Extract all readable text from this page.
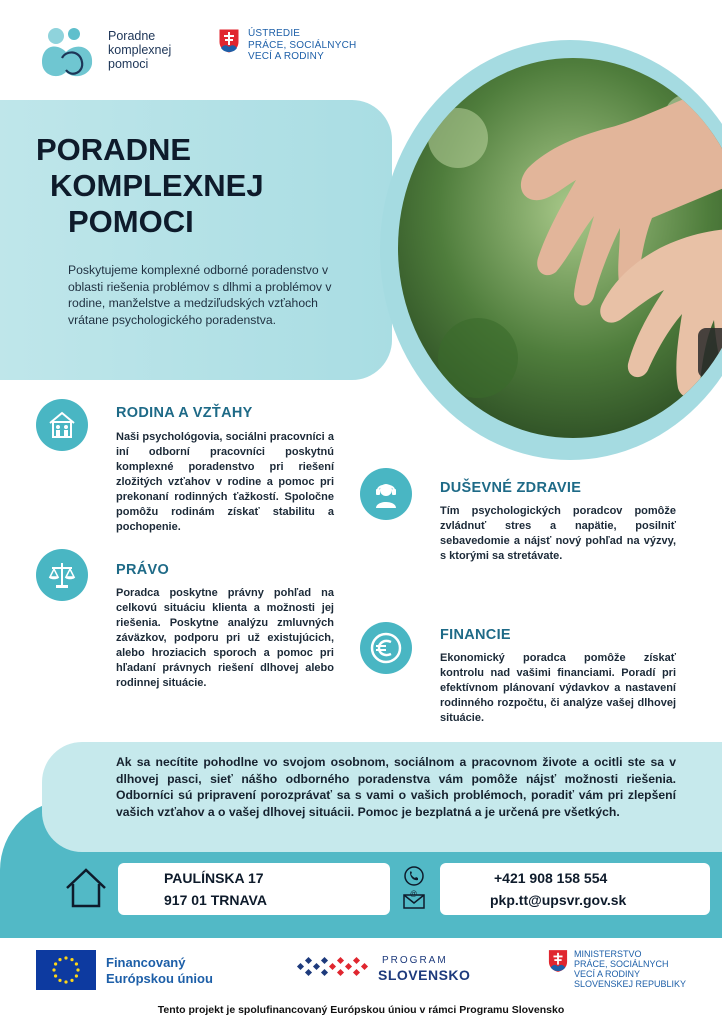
Poradne
komplexnej
pomoci
ÚSTREDIE
PRÁCE, SOCIÁLNYCH
VECÍ A RODINY
PORADNE
KOMPLEXNEJ
POMOCI
Poskytujeme komplexné odborné poradenstvo v oblasti riešenia problémov s dlhmi a problémov v rodine, manželstve a medziľudských vzťahoch vrátane psychologického poradenstva.
RODINA A VZŤAHY
Naši psychológovia, sociálni pracovníci a iní odborní pracovníci poskytnú komplexné poradenstvo pri riešení zložitých vzťahov v rodine a pomoc pri prekonaní rodinných ťažkostí. Spoločne pomôžu rodinám získať stabilitu a pochopenie.
DUŠEVNÉ ZDRAVIE
Tím psychologických poradcov pomôže zvládnuť stres a napätie, posilniť sebavedomie a nájsť nový pohľad na výzvy, s ktorými sa stretávate.
PRÁVO
Poradca poskytne právny pohľad na celkovú situáciu klienta a možnosti jej riešenia. Poskytne analýzu zmluvných záväzkov, podporu pri už existujúcich, alebo hroziacich sporoch a pomoc pri hľadaní právnych riešení dlhovej alebo rodinnej situácie.
FINANCIE
Ekonomický poradca pomôže získať kontrolu nad vašimi financiami. Poradí pri efektívnom plánovaní výdavkov a nastavení rodinného rozpočtu, či analýze vašej dlhovej situácie.
Ak sa necítite pohodlne vo svojom osobnom, sociálnom a pracovnom živote a ocitli ste sa v dlhovej pasci, sieť nášho odborného poradenstva vám pomôže nájsť možnosti riešenia. Odborníci sú pripravení porozprávať sa s vami o vašich problémoch, poradiť vám pri zlepšení vašich vzťahov a o vašej dlhovej situácii. Pomoc je bezplatná a je určená pre všetkých.
PAULÍNSKA 17
917 01 TRNAVA	@
+421 908 158 554
pkp.tt@upsvr.gov.sk
Financovaný
Európskou úniou
PROGRAM
SLOVENSKO
MINISTERSTVO
PRÁCE, SOCIÁLNYCH
VECÍ A RODINY
SLOVENSKEJ REPUBLIKY
Tento projekt je spolufinancovaný Európskou úniou v rámci Programu Slovensko
